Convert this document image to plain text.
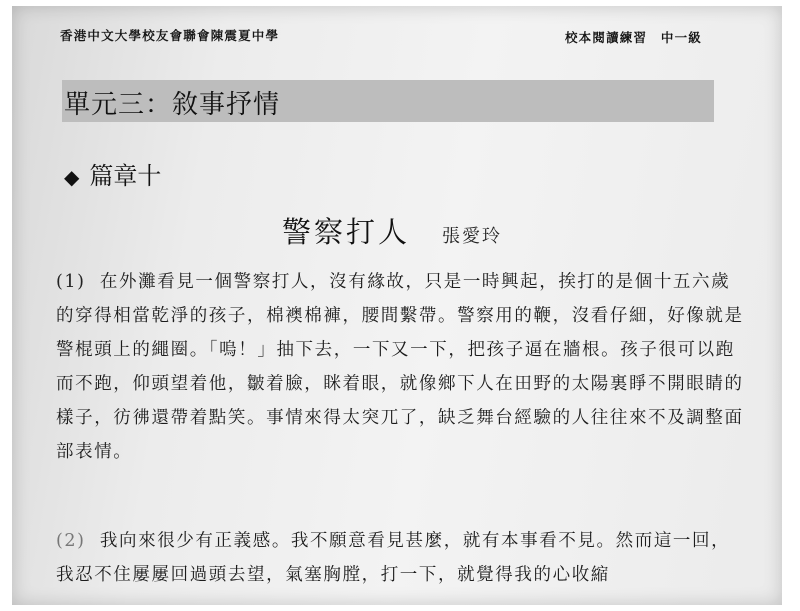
香港中文大學校友會聯會陳震夏中學	校本閱讀練習　中一級
單元三：敘事抒情
◆ 篇章十
警察打人 張愛玲

(1) 在外灘看見一個警察打人，沒有緣故，只是一時興起，挨打的是個十五六歲的穿得相當乾淨的孩子，棉襖棉褲，腰間繫帶。警察用的鞭，沒看仔細，好像就是警棍頭上的繩圈。「嗚！」抽下去，一下又一下，把孩子逼在牆根。孩子很可以跑而不跑，仰頭望着他，皺着臉，眯着眼，就像鄉下人在田野的太陽裏睜不開眼睛的樣子，彷彿還帶着點笑。事情來得太突兀了，缺乏舞台經驗的人往往來不及調整面部表情。

(2) 我向來很少有正義感。我不願意看見甚麼，就有本事看不見。然而這一回，我忍不住屢屢回過頭去望，氣塞胸膛，打一下，就覺得我的心收縮
